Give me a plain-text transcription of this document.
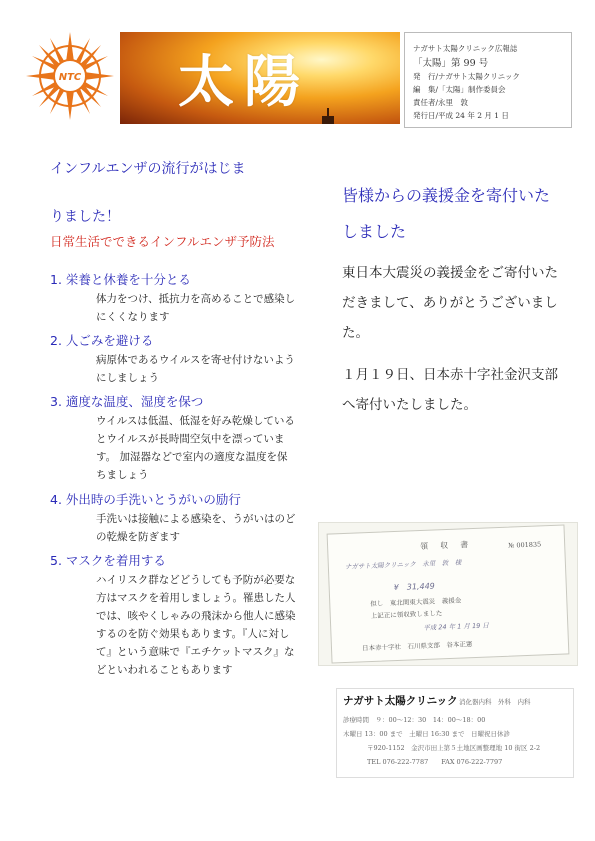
NTC 太陽
ナガサト太陽クリニック広報誌
「太陽」第 99 号
発　行/ナガサト太陽クリニック
編　集/「太陽」制作委員会
責任者/永里　敦
発行日/平成 24 年 2 月 1 日
インフルエンザの流行がはじま
りました！
日常生活でできるインフルエンザ予防法
1. 栄養と休養を十分とる
体力をつけ、抵抗力を高めることで感染しにくくなります
2. 人ごみを避ける
病原体であるウイルスを寄せ付けないようにしましょう
3. 適度な温度、湿度を保つ
ウイルスは低温、低湿を好み乾燥しているとウイルスが長時間空気中を漂っています。 加湿器などで室内の適度な温度を保ちましょう
4. 外出時の手洗いとうがいの励行
手洗いは接触による感染を、うがいはのどの乾燥を防ぎます
5. マスクを着用する
ハイリスク群などどうしても予防が必要な方はマスクを着用しましょう。罹患した人では、咳やくしゃみの飛沫から他人に感染するのを防ぐ効果もあります。『人に対して』という意味で『エチケットマスク』などといわれることもあります
皆様からの義援金を寄付いたしました

東日本大震災の義援金をご寄付いただきまして、ありがとうございました。

１月１９日、日本赤十字社金沢支部へ寄付いたしました。

領　収　書	№ 001835
ナガサト太陽クリニック　永里　敦　様
¥　31,449
但し　東北関東大震災　義援金
上記正に領収致しました
平成 24 年 1 月 19 日
日本赤十字社　石川県支部　谷本正憲
ナガサト太陽クリニック 消化器内科　外科　内科
診療時間　９：00〜12：30　14：00〜18：00
木曜日 13：00 まで　土曜日 16:30 まで　日曜祝日休診
〒920-1152　金沢市田上第５土地区画整理地 10 街区 2-2
TEL 076-222-7787　　FAX 076-222-7797
